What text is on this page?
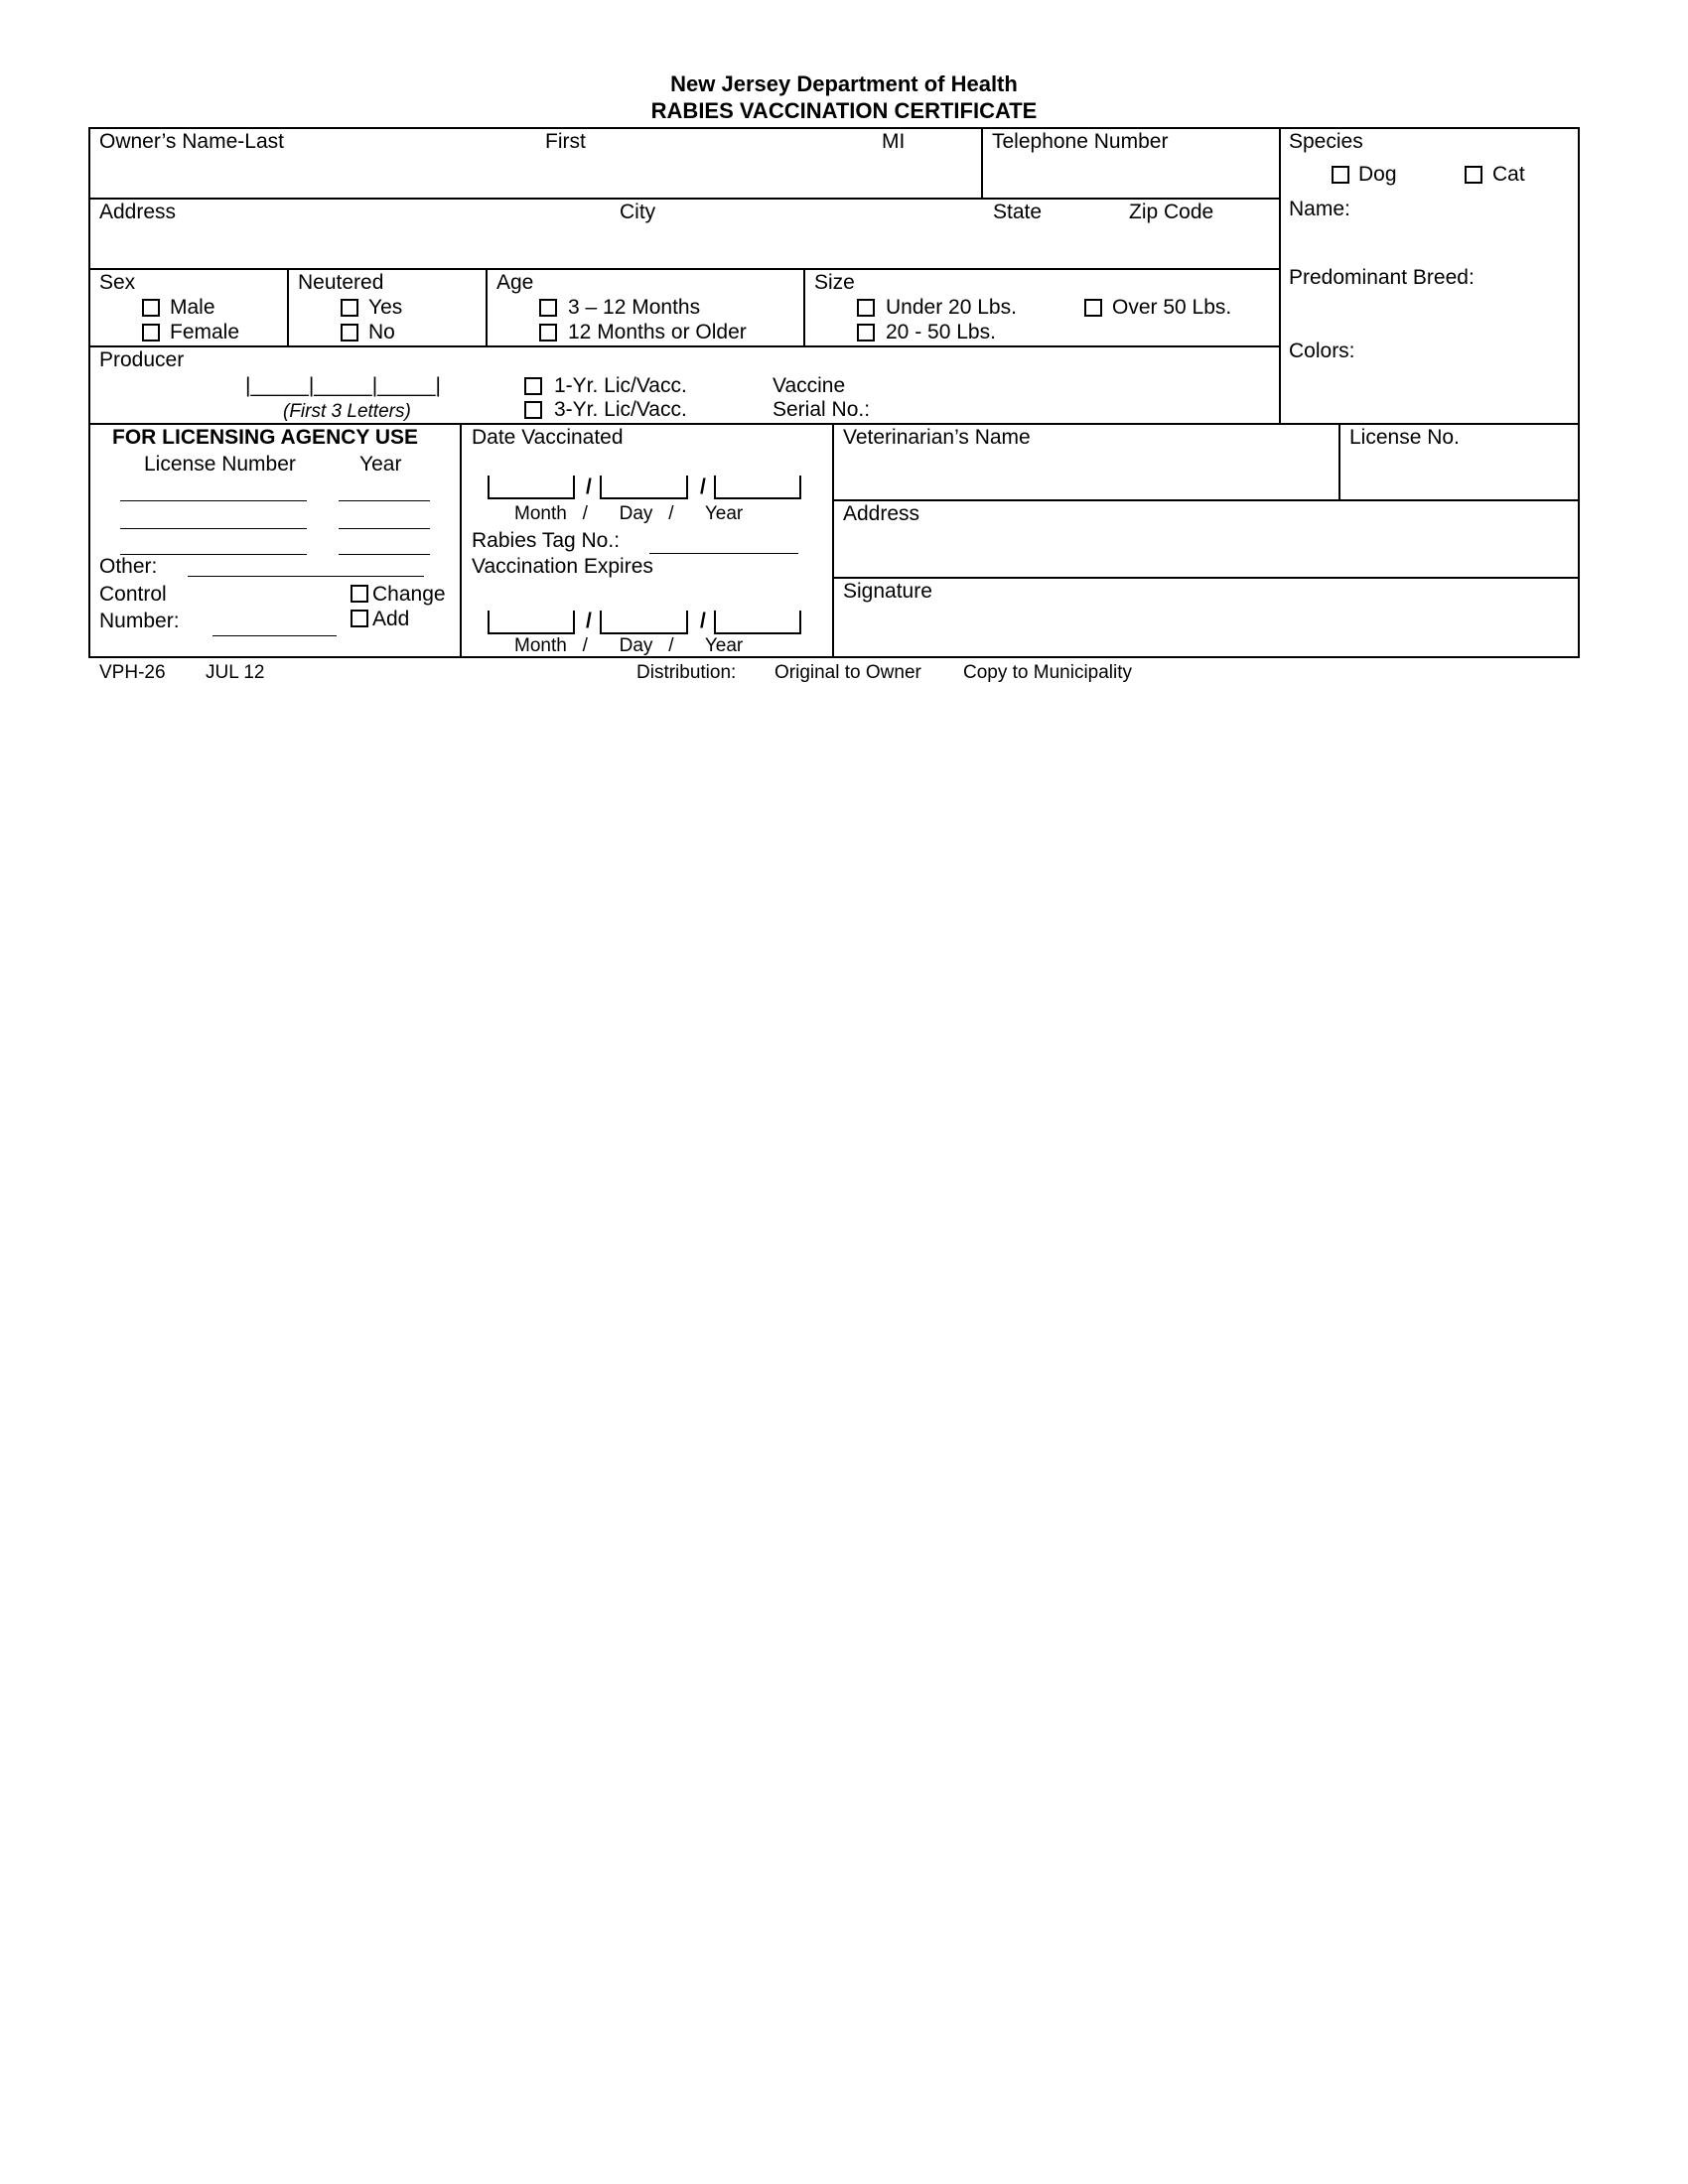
New Jersey Department of Health
RABIES VACCINATION CERTIFICATE
Owner’s Name-Last	First	MI	Telephone Number	Species
Dog	Cat
Name:
Predominant Breed:
Colors:
Address	City	State	Zip Code
Sex
Male
Female
Neutered
Yes
No
Age
3 – 12 Months
12 Months or Older
Size
Under 20 Lbs.	Over 50 Lbs.
20 - 50 Lbs.
Producer
|_____|_____|_____|
(First 3 Letters)
1-Yr. Lic/Vacc.
3-Yr. Lic/Vacc.
Vaccine
Serial No.:
FOR LICENSING AGENCY USE
License Number	Year
Other:
Control
Number:
Change
Add
Date Vaccinated
/	/
Month   /      Day   /      Year
Rabies Tag No.:
Vaccination Expires
/	/
Month   /      Day   /      Year
Veterinarian’s Name	License No.
Address
Signature
VPH-26 JUL 12	Distribution: Original to Owner Copy to Municipality
